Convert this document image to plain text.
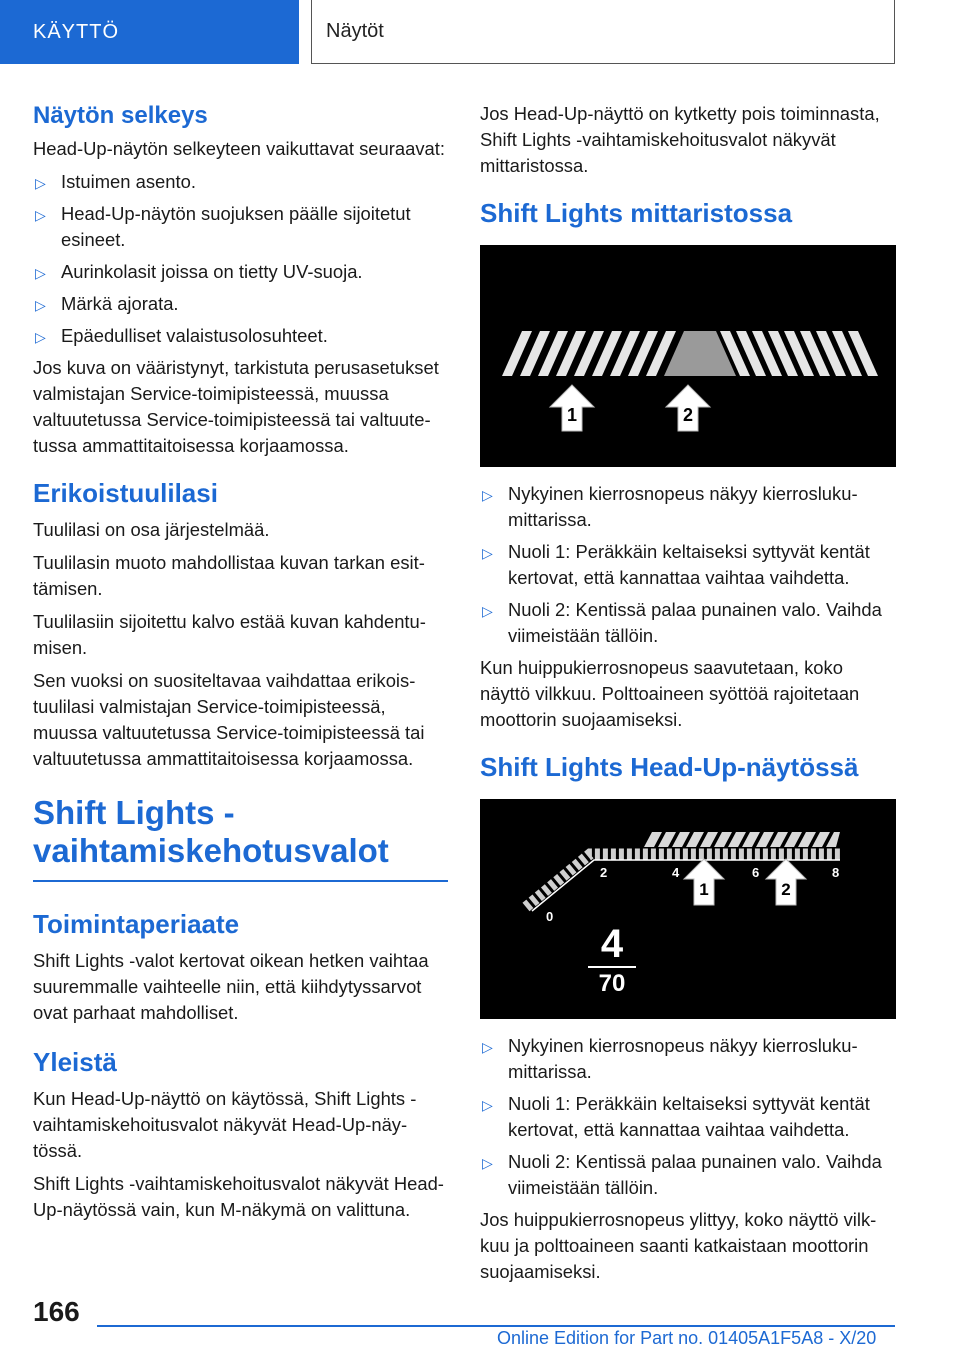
KÄYTTÖ	Näytöt
Näytön selkeys

Head-Up-näytön selkeyteen vaikuttavat seuraavat:

▷ Istuimen asento.
▷ Head-Up-näytön suojuksen päälle sijoitetut esineet.
▷ Aurinkolasit joissa on tietty UV-suoja.
▷ Märkä ajorata.
▷ Epäedulliset valaistusolosuhteet.

Jos kuva on vääristynyt, tarkistuta perusasetukset valmistajan Service-toimipisteessä, muussa valtuutetussa Service-toimipisteessä tai valtuutetussa ammattitaitoisessa korjaamossa.

Erikoistuulilasi

Tuulilasi on osa järjestelmää.

Tuulilasin muoto mahdollistaa kuvan tarkan esittämisen.

Tuulilasiin sijoitettu kalvo estää kuvan kahdentumisen.

Sen vuoksi on suositeltavaa vaihdattaa erikoistuulilasi valmistajan Service-toimipisteessä, muussa valtuutetussa Service-toimipisteessä tai valtuutetussa ammattitaitoisessa korjaamossa.

Shift Lights -
vaihtamiskehotusvalot
Toimintaperiaate

Shift Lights -valot kertovat oikean hetken vaihtaa suuremmalle vaihteelle niin, että kiihdytyssarvot ovat parhaat mahdolliset.

Yleistä

Kun Head-Up-näyttö on käytössä, Shift Lights -vaihtamiskehoitusvalot näkyvät Head-Up-näytössä.

Shift Lights -vaihtamiskehoitusvalot näkyvät Head-Up-näytössä vain, kun M-näkymä on valittuna.

Jos Head-Up-näyttö on kytketty pois toiminnasta, Shift Lights -vaihtamiskehoitusvalot näkyvät mittaristossa.

Shift Lights mittaristossa
1	2
▷ Nykyinen kierrosnopeus näkyy kierroslukumittarissa.
▷ Nuoli 1: Peräkkäin keltaiseksi syttyvät kentät kertovat, että kannattaa vaihtaa vaihdetta.
▷ Nuoli 2: Kentissä palaa punainen valo. Vaihda viimeistään tällöin.

Kun huippukierrosnopeus saavutetaan, koko näyttö vilkkuu. Polttoaineen syöttöä rajoitetaan moottorin suojaamiseksi.

Shift Lights Head-Up-näytössä
0
2	4	6	8
1	2
4
70
▷ Nykyinen kierrosnopeus näkyy kierroslukumittarissa.
▷ Nuoli 1: Peräkkäin keltaiseksi syttyvät kentät kertovat, että kannattaa vaihtaa vaihdetta.
▷ Nuoli 2: Kentissä palaa punainen valo. Vaihda viimeistään tällöin.

Jos huippukierrosnopeus ylittyy, koko näyttö vilkkuu ja polttoaineen saanti katkaistaan moottorin suojaamiseksi.

166
Online Edition for Part no. 01405A1F5A8 - X/20
